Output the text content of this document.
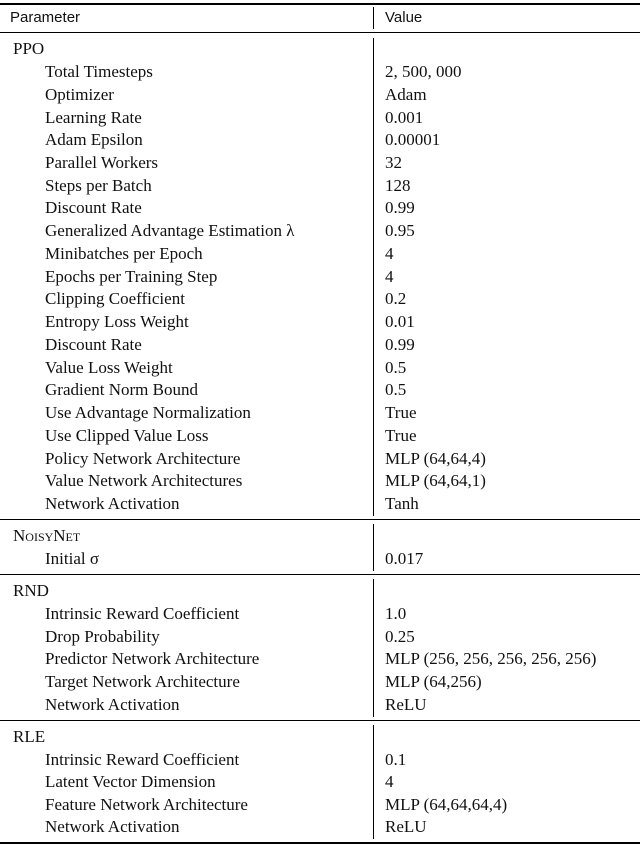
Parameter	Value
PPO
Total Timesteps	2, 500, 000
Optimizer	Adam
Learning Rate	0.001
Adam Epsilon	0.00001
Parallel Workers	32
Steps per Batch	128
Discount Rate	0.99
Generalized Advantage Estimation λ	0.95
Minibatches per Epoch	4
Epochs per Training Step	4
Clipping Coefficient	0.2
Entropy Loss Weight	0.01
Discount Rate	0.99
Value Loss Weight	0.5
Gradient Norm Bound	0.5
Use Advantage Normalization	True
Use Clipped Value Loss	True
Policy Network Architecture	MLP (64,64,4)
Value Network Architectures	MLP (64,64,1)
Network Activation	Tanh
NoisyNet
Initial σ	0.017
RND
Intrinsic Reward Coefficient	1.0
Drop Probability	0.25
Predictor Network Architecture	MLP (256, 256, 256, 256, 256)
Target Network Architecture	MLP (64,256)
Network Activation	ReLU
RLE
Intrinsic Reward Coefficient	0.1
Latent Vector Dimension	4
Feature Network Architecture	MLP (64,64,64,4)
Network Activation	ReLU
